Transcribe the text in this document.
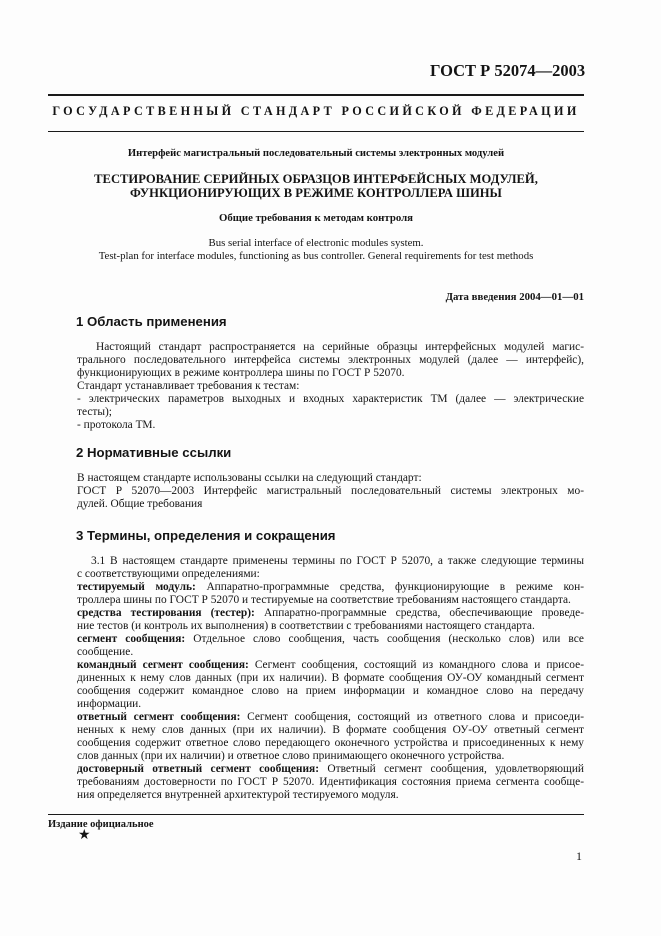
ГОСТ Р 52074—2003
ГОСУДАРСТВЕННЫЙ СТАНДАРТ РОССИЙСКОЙ ФЕДЕРАЦИИ
Интерфейс магистральный последовательный системы электронных модулей
ТЕСТИРОВАНИЕ СЕРИЙНЫХ ОБРАЗЦОВ ИНТЕРФЕЙСНЫХ МОДУЛЕЙ,
ФУНКЦИОНИРУЮЩИХ В РЕЖИМЕ КОНТРОЛЛЕРА ШИНЫ
Общие требования к методам контроля
Bus serial interface of electronic modules system.
Test-plan for interface modules, functioning as bus controller. General requirements for test methods
Дата введения 2004—01—01
1 Область применения
Настоящий стандарт распространяется на серийные образцы интерфейсных модулей магис-
трального последовательного интерфейса системы электронных модулей (далее — интерфейс),
функционирующих в режиме контроллера шины по ГОСТ Р 52070.
Стандарт устанавливает требования к тестам:
- электрических параметров выходных и входных характеристик ТМ (далее — электрические
тесты);
- протокола ТМ.
2 Нормативные ссылки
В настоящем стандарте использованы ссылки на следующий стандарт:
ГОСТ Р 52070—2003 Интерфейс магистральный последовательный системы электроных мо-
дулей. Общие требования
3 Термины, определения и сокращения
3.1 В настоящем стандарте применены термины по ГОСТ Р 52070, а также следующие термины
с соответствующими определениями:
тестируемый модуль: Аппаратно-программные средства, функционирующие в режиме кон-
троллера шины по ГОСТ Р 52070 и тестируемые на соответствие требованиям настоящего стандарта.
средства тестирования (тестер): Аппаратно-программные средства, обеспечивающие проведе-
ние тестов (и контроль их выполнения) в соответствии с требованиями настоящего стандарта.
сегмент сообщения: Отдельное слово сообщения, часть сообщения (несколько слов) или все
сообщение.
командный сегмент сообщения: Сегмент сообщения, состоящий из командного слова и присое-
диненных к нему слов данных (при их наличии). В формате сообщения ОУ-ОУ командный сегмент
сообщения содержит командное слово на прием информации и командное слово на передачу
информации.
ответный сегмент сообщения: Сегмент сообщения, состоящий из ответного слова и присоеди-
ненных к нему слов данных (при их наличии). В формате сообщения ОУ-ОУ ответный сегмент
сообщения содержит ответное слово передающего оконечного устройства и присоединенных к нему
слов данных (при их наличии) и ответное слово принимающего оконечного устройства.
достоверный ответный сегмент сообщения: Ответный сегмент сообщения, удовлетворяющий
требованиям достоверности по ГОСТ Р 52070. Идентификация состояния приема сегмента сообще-
ния определяется внутренней архитектурой тестируемого модуля.
Издание официальное
★
1
